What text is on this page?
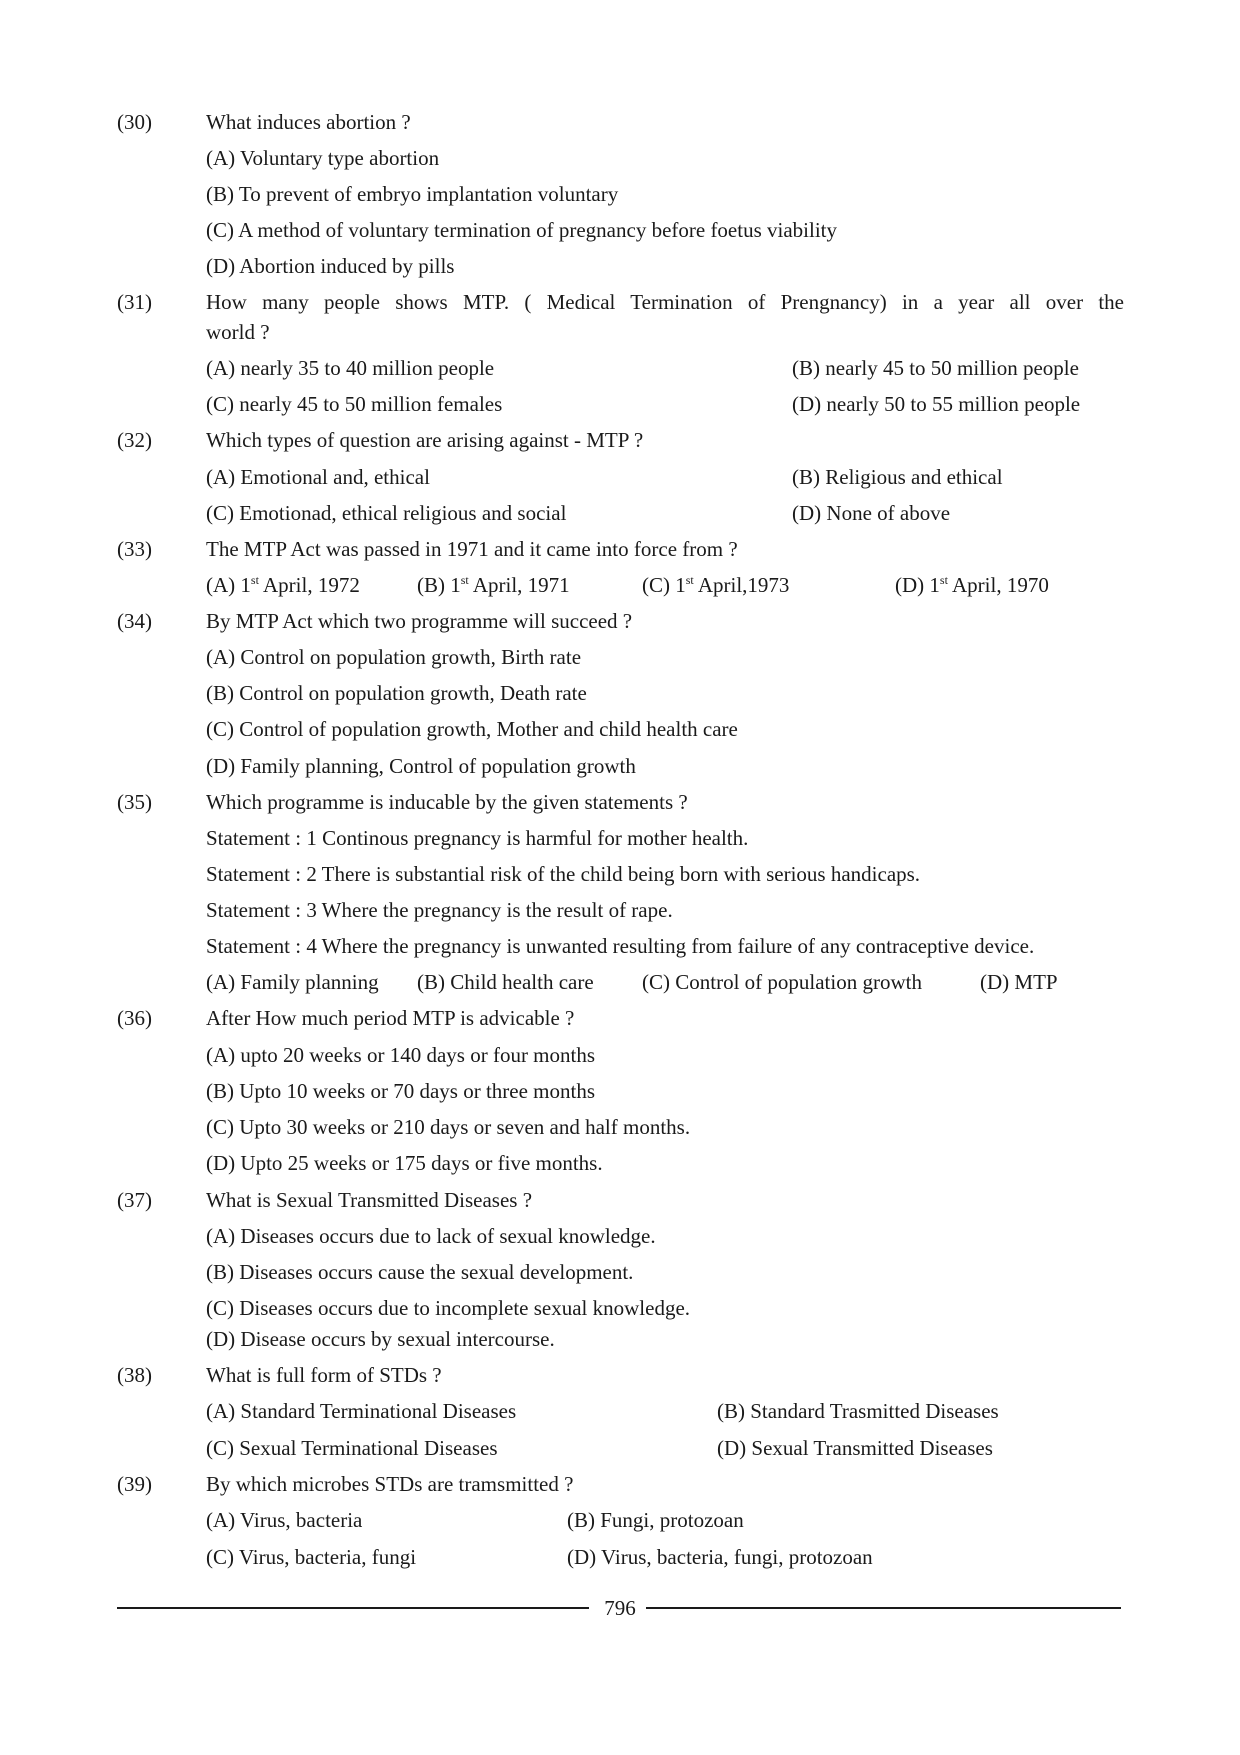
(30)	What induces abortion ?
(A) Voluntary type abortion
(B) To prevent of embryo implantation voluntary
(C) A method of voluntary termination of pregnancy before foetus viability
(D) Abortion induced by pills
(31)	How many people shows MTP. ( Medical Termination of Prengnancy) in a year all over the
world ?
(A) nearly 35 to 40 million people	(B) nearly 45 to 50 million people
(C) nearly 45 to 50 million females	(D) nearly 50 to 55 million people
(32)	Which types of question are arising against - MTP ?
(A) Emotional and, ethical	(B) Religious and ethical
(C) Emotionad, ethical religious and social	(D) None of above
(33)	The MTP Act was passed in 1971 and it came into force from ?
(A) 1st April, 1972	(B) 1st April, 1971	(C) 1st April,1973	(D) 1st April, 1970
(34)	By MTP Act which two programme will succeed ?
(A) Control on population growth, Birth rate
(B) Control on population growth, Death rate
(C) Control of population growth, Mother and child health care
(D) Family planning, Control of population growth
(35)	Which programme is inducable by the given statements ?
Statement : 1 Continous pregnancy is harmful for mother health.
Statement : 2 There is substantial risk of the child being born with serious handicaps.
Statement : 3 Where the pregnancy is the result of rape.
Statement : 4 Where the pregnancy is unwanted resulting from failure of any contraceptive device.
(A) Family planning (B) Child health care (C) Control of population growth	(D) MTP
(36)	After How much period MTP is advicable ?
(A) upto 20 weeks or 140 days or four months
(B) Upto 10 weeks or 70 days or three months
(C) Upto 30 weeks or 210 days or seven and half months.
(D) Upto 25 weeks or 175 days or five months.
(37)	What is Sexual Transmitted Diseases ?
(A) Diseases occurs due to lack of sexual knowledge.
(B) Diseases occurs cause the sexual development.
(C) Diseases occurs due to incomplete sexual knowledge.
(D) Disease occurs by sexual intercourse.
(38)	What is full form of STDs ?
(A) Standard Terminational Diseases	(B) Standard Trasmitted Diseases
(C) Sexual Terminational Diseases	(D) Sexual Transmitted Diseases
(39)	By which microbes STDs are tramsmitted ?
(A) Virus, bacteria	(B) Fungi, protozoan
(C) Virus, bacteria, fungi	(D) Virus, bacteria, fungi, protozoan
796
